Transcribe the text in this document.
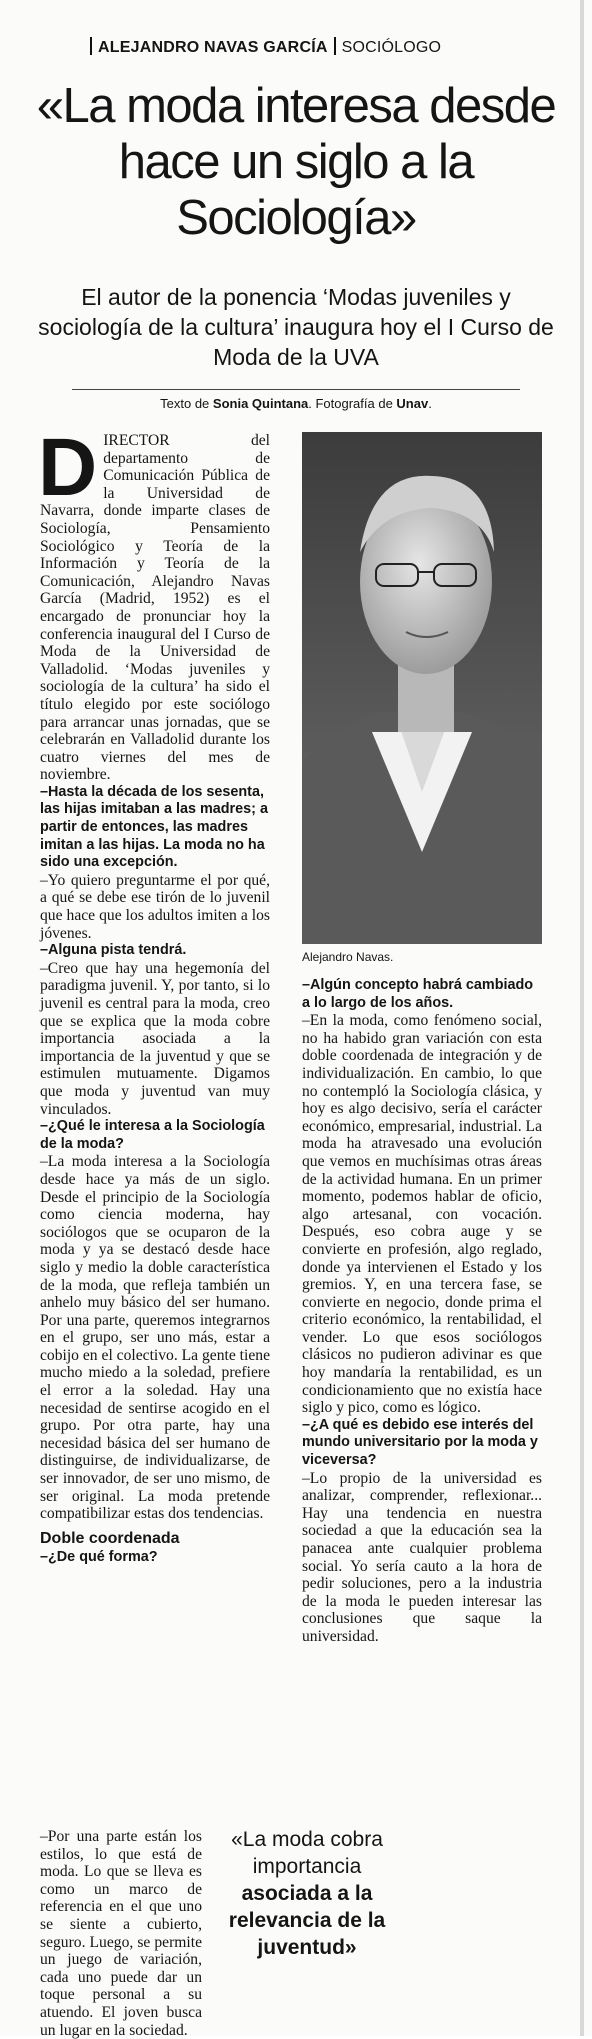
ALEJANDRO NAVAS GARCÍA SOCIÓLOGO
«La moda interesa desde hace un siglo a la Sociología»

El autor de la ponencia ‘Modas juveniles y sociología de la cultura’ inaugura hoy el I Curso de Moda de la UVA

Texto de Sonia Quintana. Fotografía de Unav.

DIRECTOR del departamento de Comunicación Pública de la Universidad de Navarra, donde imparte clases de Sociología, Pensamiento Sociológico y Teoría de la Información y Teoría de la Comunicación, Alejandro Navas García (Madrid, 1952) es el encargado de pronunciar hoy la conferencia inaugural del I Curso de Moda de la Universidad de Valladolid. ‘Modas juveniles y sociología de la cultura’ ha sido el título elegido por este sociólogo para arrancar unas jornadas, que se celebrarán en Valladolid durante los cuatro viernes del mes de noviembre.

–Hasta la década de los sesenta, las hijas imitaban a las madres; a partir de entonces, las madres imitan a las hijas. La moda no ha sido una excepción.

–Yo quiero preguntarme el por qué, a qué se debe ese tirón de lo juvenil que hace que los adultos imiten a los jóvenes.

–Alguna pista tendrá.

–Creo que hay una hegemonía del paradigma juvenil. Y, por tanto, si lo juvenil es central para la moda, creo que se explica que la moda cobre importancia asociada a la importancia de la juventud y que se estimulen mutuamente. Digamos que moda y juventud van muy vinculados.

–¿Qué le interesa a la Sociología de la moda?

–La moda interesa a la Sociología desde hace ya más de un siglo. Desde el principio de la Sociología como ciencia moderna, hay sociólogos que se ocuparon de la moda y ya se destacó desde hace siglo y medio la doble característica de la moda, que refleja también un anhelo muy básico del ser humano. Por una parte, queremos integrarnos en el grupo, ser uno más, estar a cobijo en el colectivo. La gente tiene mucho miedo a la soledad, prefiere el error a la soledad. Hay una necesidad de sentirse acogido en el grupo. Por otra parte, hay una necesidad básica del ser humano de distinguirse, de individualizarse, de ser innovador, de ser uno mismo, de ser original. La moda pretende compatibilizar estas dos tendencias.

Doble coordenada

–¿De qué forma?

Alejandro Navas.

–Algún concepto habrá cambiado a lo largo de los años.

–En la moda, como fenómeno social, no ha habido gran variación con esta doble coordenada de integración y de individualización. En cambio, lo que no contempló la Sociología clásica, y hoy es algo decisivo, sería el carácter económico, empresarial, industrial. La moda ha atravesado una evolución que vemos en muchísimas otras áreas de la actividad humana. En un primer momento, podemos hablar de oficio, algo artesanal, con vocación. Después, eso cobra auge y se convierte en profesión, algo reglado, donde ya intervienen el Estado y los gremios. Y, en una tercera fase, se convierte en negocio, donde prima el criterio económico, la rentabilidad, el vender. Lo que esos sociólogos clásicos no pudieron adivinar es que hoy mandaría la rentabilidad, es un condicionamiento que no existía hace siglo y pico, como es lógico.

–¿A qué es debido ese interés del mundo universitario por la moda y viceversa?

–Lo propio de la universidad es analizar, comprender, reflexionar... Hay una tendencia en nuestra sociedad a que la educación sea la panacea ante cualquier problema social. Yo sería cauto a la hora de pedir soluciones, pero a la industria de la moda le pueden interesar las conclusiones que saque la universidad.

–Por una parte están los estilos, lo que está de moda. Lo que se lleva es como un marco de referencia en el que uno se siente a cubierto, seguro. Luego, se permite un juego de variación, cada uno puede dar un toque personal a su atuendo. El joven busca un lugar en la sociedad.

«La moda cobra importancia
asociada a la relevancia de la juventud»
